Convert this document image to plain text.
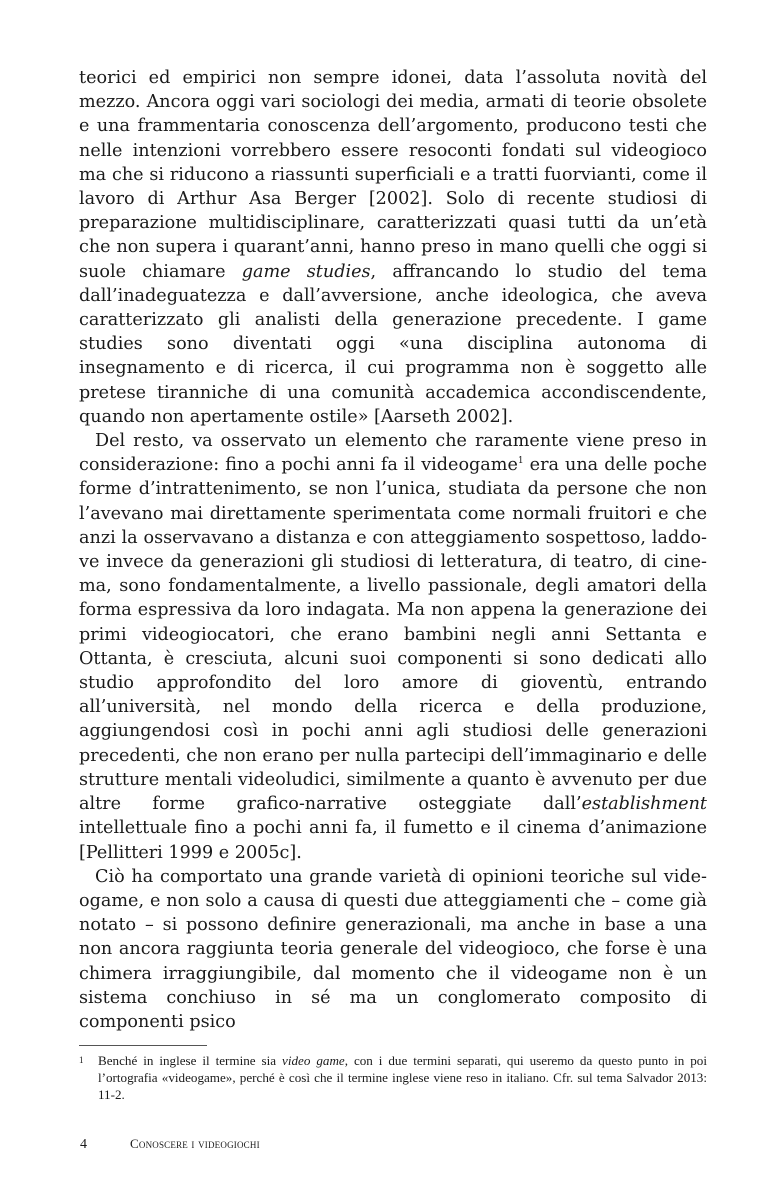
teorici ed empirici non sempre idonei, data l’assoluta novità del mezzo. Ancora oggi vari sociologi dei media, armati di teorie obsolete e una frammentaria conoscenza dell’argomento, producono testi che nelle intenzioni vorrebbero essere resoconti fondati sul videogioco ma che si riducono a riassunti superficiali e a tratti fuorvianti, come il lavoro di Arthur Asa Berger [2002]. Solo di recente studiosi di preparazione multidisciplinare, caratterizzati quasi tutti da un’età che non supera i quarant’anni, hanno preso in mano quelli che oggi si suole chiamare game studies, affrancando lo studio del tema dall’inadeguatezza e dall’avversione, anche ideologica, che aveva caratterizzato gli analisti della generazione precedente. I game studies sono diventati oggi «una disciplina autonoma di insegnamento e di ricerca, il cui programma non è soggetto alle pretese tiranniche di una comunità accademica accondiscendente, quando non apertamente ostile» [Aarseth 2002].

Del resto, va osservato un elemento che raramente viene preso in considerazione: fino a pochi anni fa il videogame$^1$ era una delle poche forme d’intrattenimento, se non l’unica, studiata da persone che non l’avevano mai direttamente sperimentata come normali fruitori e che anzi la osservavano a distanza e con atteggiamento sospettoso, laddove invece da generazioni gli studiosi di letteratura, di teatro, di cinema, sono fondamentalmente, a livello passionale, degli amatori della forma espressiva da loro indagata. Ma non appena la generazione dei primi videogiocatori, che erano bambini negli anni Settanta e Ottanta, è cresciuta, alcuni suoi componenti si sono dedicati allo studio approfondito del loro amore di gioventù, entrando all’università, nel mondo della ricerca e della produzione, aggiungendosi così in pochi anni agli studiosi delle generazioni precedenti, che non erano per nulla partecipi dell’immaginario e delle strutture mentali videoludici, similmente a quanto è avvenuto per due altre forme grafico-narrative osteggiate dall’establishment intellettuale fino a pochi anni fa, il fumetto e il cinema d’animazione [Pellitteri 1999 e 2005c].

Ciò ha comportato una grande varietà di opinioni teoriche sul videogame, e non solo a causa di questi due atteggiamenti che – come già notato – si possono definire generazionali, ma anche in base a una non ancora raggiunta teoria generale del videogioco, che forse è una chimera irraggiungibile, dal momento che il videogame non è un sistema conchiuso in sé ma un conglomerato composito di componenti psico

1	Benché in inglese il termine sia video game, con i due termini separati, qui useremo da questo punto in poi l’ortografia «videogame», perché è così che il termine inglese viene reso in italiano. Cfr. sul tema Salvador 2013: 11-2.
4	Conoscere i videogiochi
